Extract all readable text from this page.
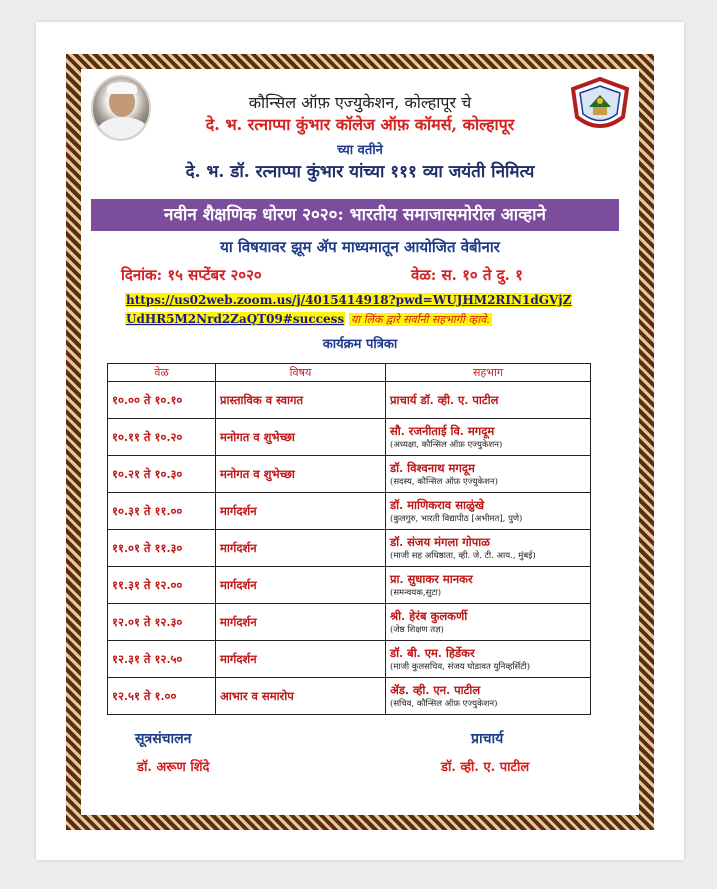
कौन्सिल ऑफ़ एज्युकेशन, कोल्हापूर चे
दे. भ. रत्नाप्पा कुंभार कॉलेज ऑफ़ कॉमर्स, कोल्हापूर
च्या वतीने
दे. भ. डॉ. रत्नाप्पा कुंभार यांच्या १११ व्या जयंती निमित्य
नवीन शैक्षणिक धोरण २०२०: भारतीय समाजासमोरील आव्हाने
या विषयावर झूम ॲप माध्यमातून आयोजित वेबीनार
दिनांक: १५ सप्टेंबर २०२०	वेळ: स. १० ते दु. १
https://us02web.zoom.us/j/4015414918?pwd=WUJHM2RIN1dGVjZ
UdHR5M2Nrd2ZaQT09#success या लिंक द्वारे सर्वांनी सहभागी व्हावे.
कार्यक्रम पत्रिका
वेळ	विषय	सहभाग
१०.०० ते १०.१०	प्रास्ताविक व स्वागत	प्राचार्य डॉ. व्ही. ए. पाटील

१०.११ ते १०.२०	मनोगत व शुभेच्छा	सौ. रजनीताई वि. मगदूम
(अध्यक्षा, कौन्सिल ऑफ़ एज्युकेशन)

१०.२१ ते १०.३०	मनोगत व शुभेच्छा	डॉ. विश्वनाथ मगदूम
(सदस्य, कौन्सिल ऑफ़ एज्युकेशन)

१०.३१ ते ११.००	मार्गदर्शन	डॉ. माणिकराव साळुंखे
(कुलगुरु, भारती विद्यापीठ [अभीमत], पुणे)

११.०१ ते ११.३०	मार्गदर्शन	डॉ. संजय मंगला गोपाळ
(माजी सह अधिष्ठाता, व्ही. जे. टी. आय., मुंबई)

११.३१ ते १२.००	मार्गदर्शन	प्रा. सुधाकर मानकर
(समन्वयक,सुटा)

१२.०१ ते १२.३०	मार्गदर्शन	श्री. हेरंब कुलकर्णी
(जेष्ठ शिक्षण तज्ञ)

१२.३१ ते १२.५०	मार्गदर्शन	डॉ. बी. एम. हिर्डेकर
(माजी कुलसचिव, संजय घोडावत युनिव्हर्सिटी)

१२.५१ ते १.००	आभार व समारोप	ॲड. व्ही. एन. पाटील
(सचिव, कौन्सिल ऑफ़ एज्युकेशन)
सूत्रसंचालन
डॉ. अरूण शिंदे
प्राचार्य
डॉ. व्ही. ए. पाटील
